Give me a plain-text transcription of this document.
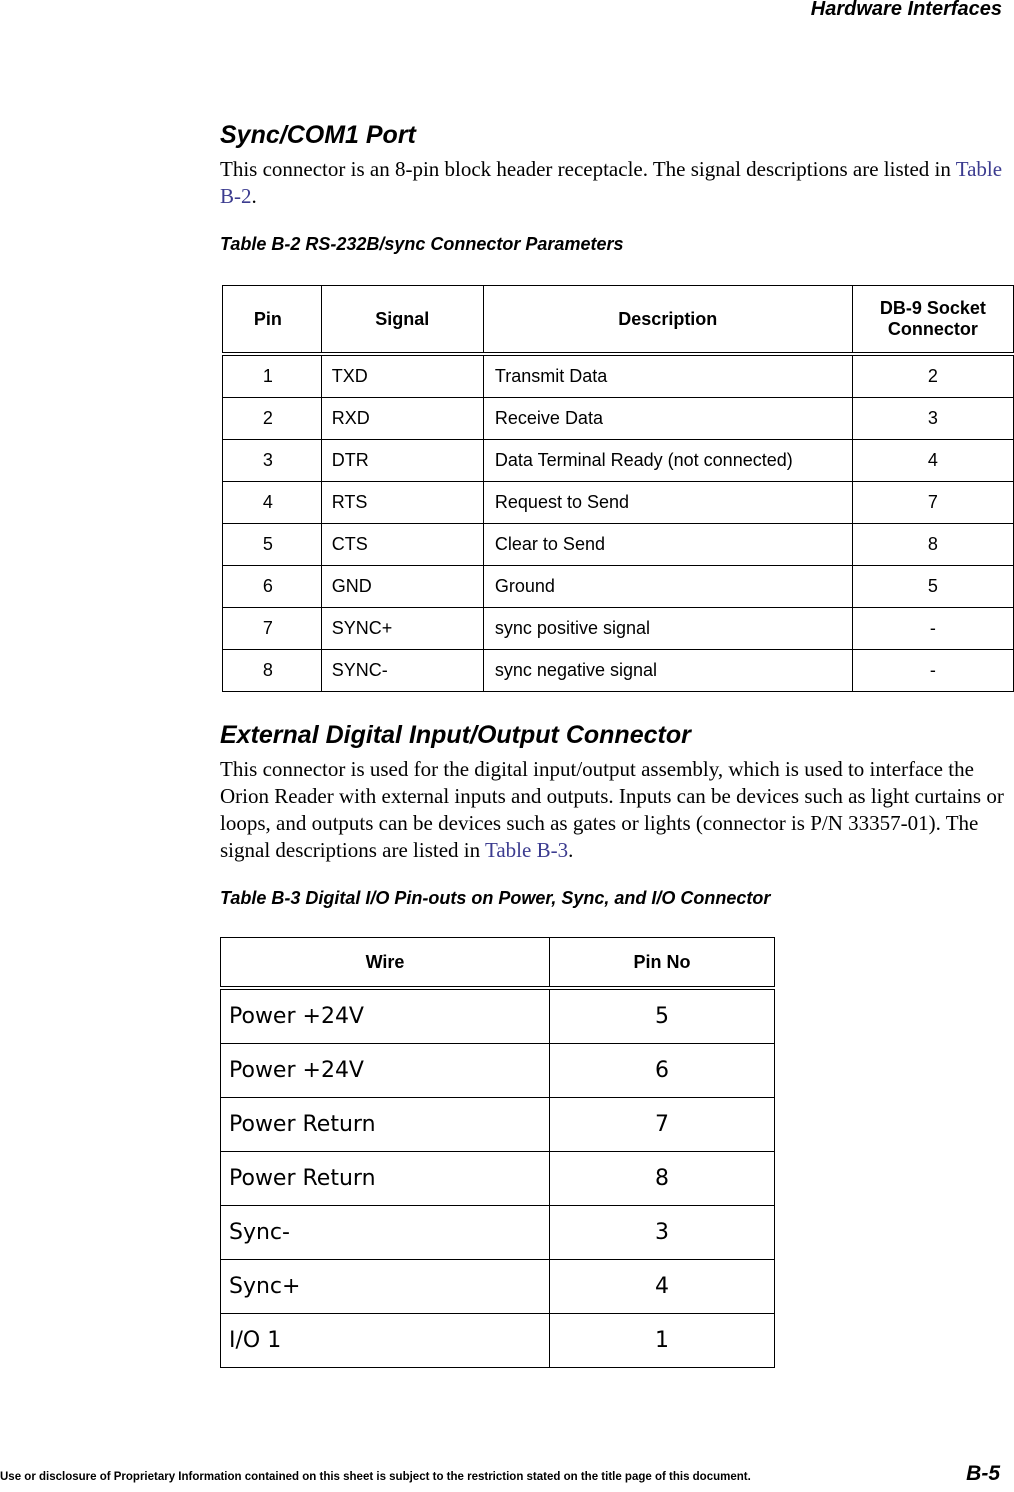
Hardware Interfaces
Sync/COM1 Port
This connector is an 8-pin block header receptacle. The signal descriptions are listed in Table B-2.
Table B-2 RS-232B/sync Connector Parameters
Pin	Signal	Description	DB-9 Socket
Connector
1	TXD	Transmit Data	2
2	RXD	Receive Data	3
3	DTR	Data Terminal Ready (not connected)	4
4	RTS	Request to Send	7
5	CTS	Clear to Send	8
6	GND	Ground	5
7	SYNC+	sync positive signal	-
8	SYNC-	sync negative signal	-
External Digital Input/Output Connector
This connector is used for the digital input/output assembly, which is used to interface the Orion Reader with external inputs and outputs. Inputs can be devices such as light curtains or loops, and outputs can be devices such as gates or lights (connector is P/N 33357-01). The signal descriptions are listed in Table B-3.
Table B-3 Digital I/O Pin-outs on Power, Sync, and I/O Connector
Wire	Pin No
Power +24V	5
Power +24V	6
Power Return	7
Power Return	8
Sync-	3
Sync+	4
I/O 1	1
Use or disclosure of Proprietary Information contained on this sheet is subject to the restriction stated on the title page of this document.	B-5
